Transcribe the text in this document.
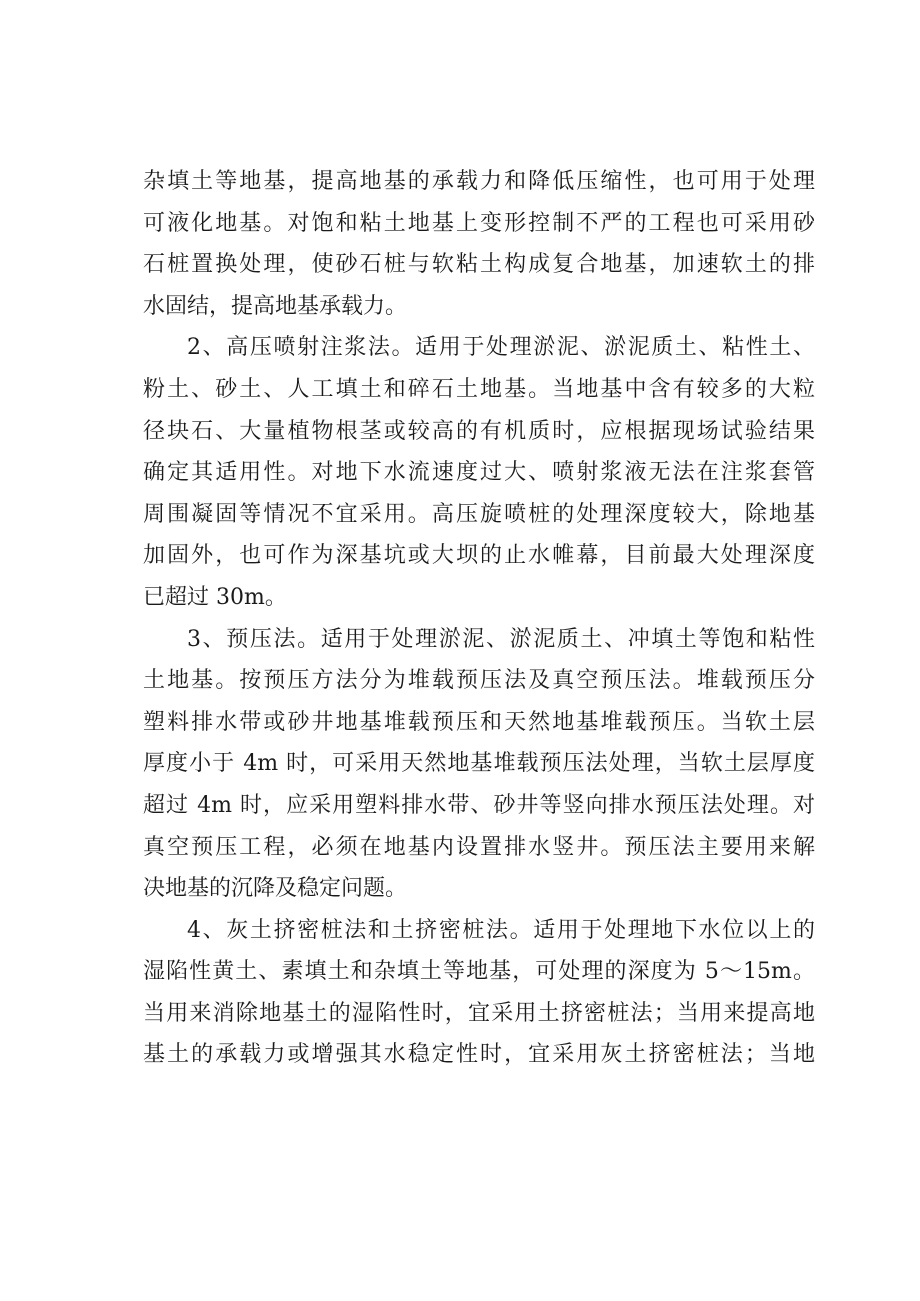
杂填土等地基，提高地基的承载力和降低压缩性，也可用于处理
可液化地基。对饱和粘土地基上变形控制不严的工程也可采用砂
石桩置换处理，使砂石桩与软粘土构成复合地基，加速软土的排
水固结，提高地基承载力。
2、高压喷射注浆法。适用于处理淤泥、淤泥质土、粘性土、
粉土、砂土、人工填土和碎石土地基。当地基中含有较多的大粒
径块石、大量植物根茎或较高的有机质时，应根据现场试验结果
确定其适用性。对地下水流速度过大、喷射浆液无法在注浆套管
周围凝固等情况不宜采用。高压旋喷桩的处理深度较大，除地基
加固外，也可作为深基坑或大坝的止水帷幕，目前最大处理深度
已超过 30m。
3、预压法。适用于处理淤泥、淤泥质土、冲填土等饱和粘性
土地基。按预压方法分为堆载预压法及真空预压法。堆载预压分
塑料排水带或砂井地基堆载预压和天然地基堆载预压。当软土层
厚度小于 4m 时，可采用天然地基堆载预压法处理，当软土层厚度
超过 4m 时，应采用塑料排水带、砂井等竖向排水预压法处理。对
真空预压工程，必须在地基内设置排水竖井。预压法主要用来解
决地基的沉降及稳定问题。
4、灰土挤密桩法和土挤密桩法。适用于处理地下水位以上的
湿陷性黄土、素填土和杂填土等地基，可处理的深度为 5～15m。
当用来消除地基土的湿陷性时，宜采用土挤密桩法；当用来提高地
基土的承载力或增强其水稳定性时，宜采用灰土挤密桩法；当地
